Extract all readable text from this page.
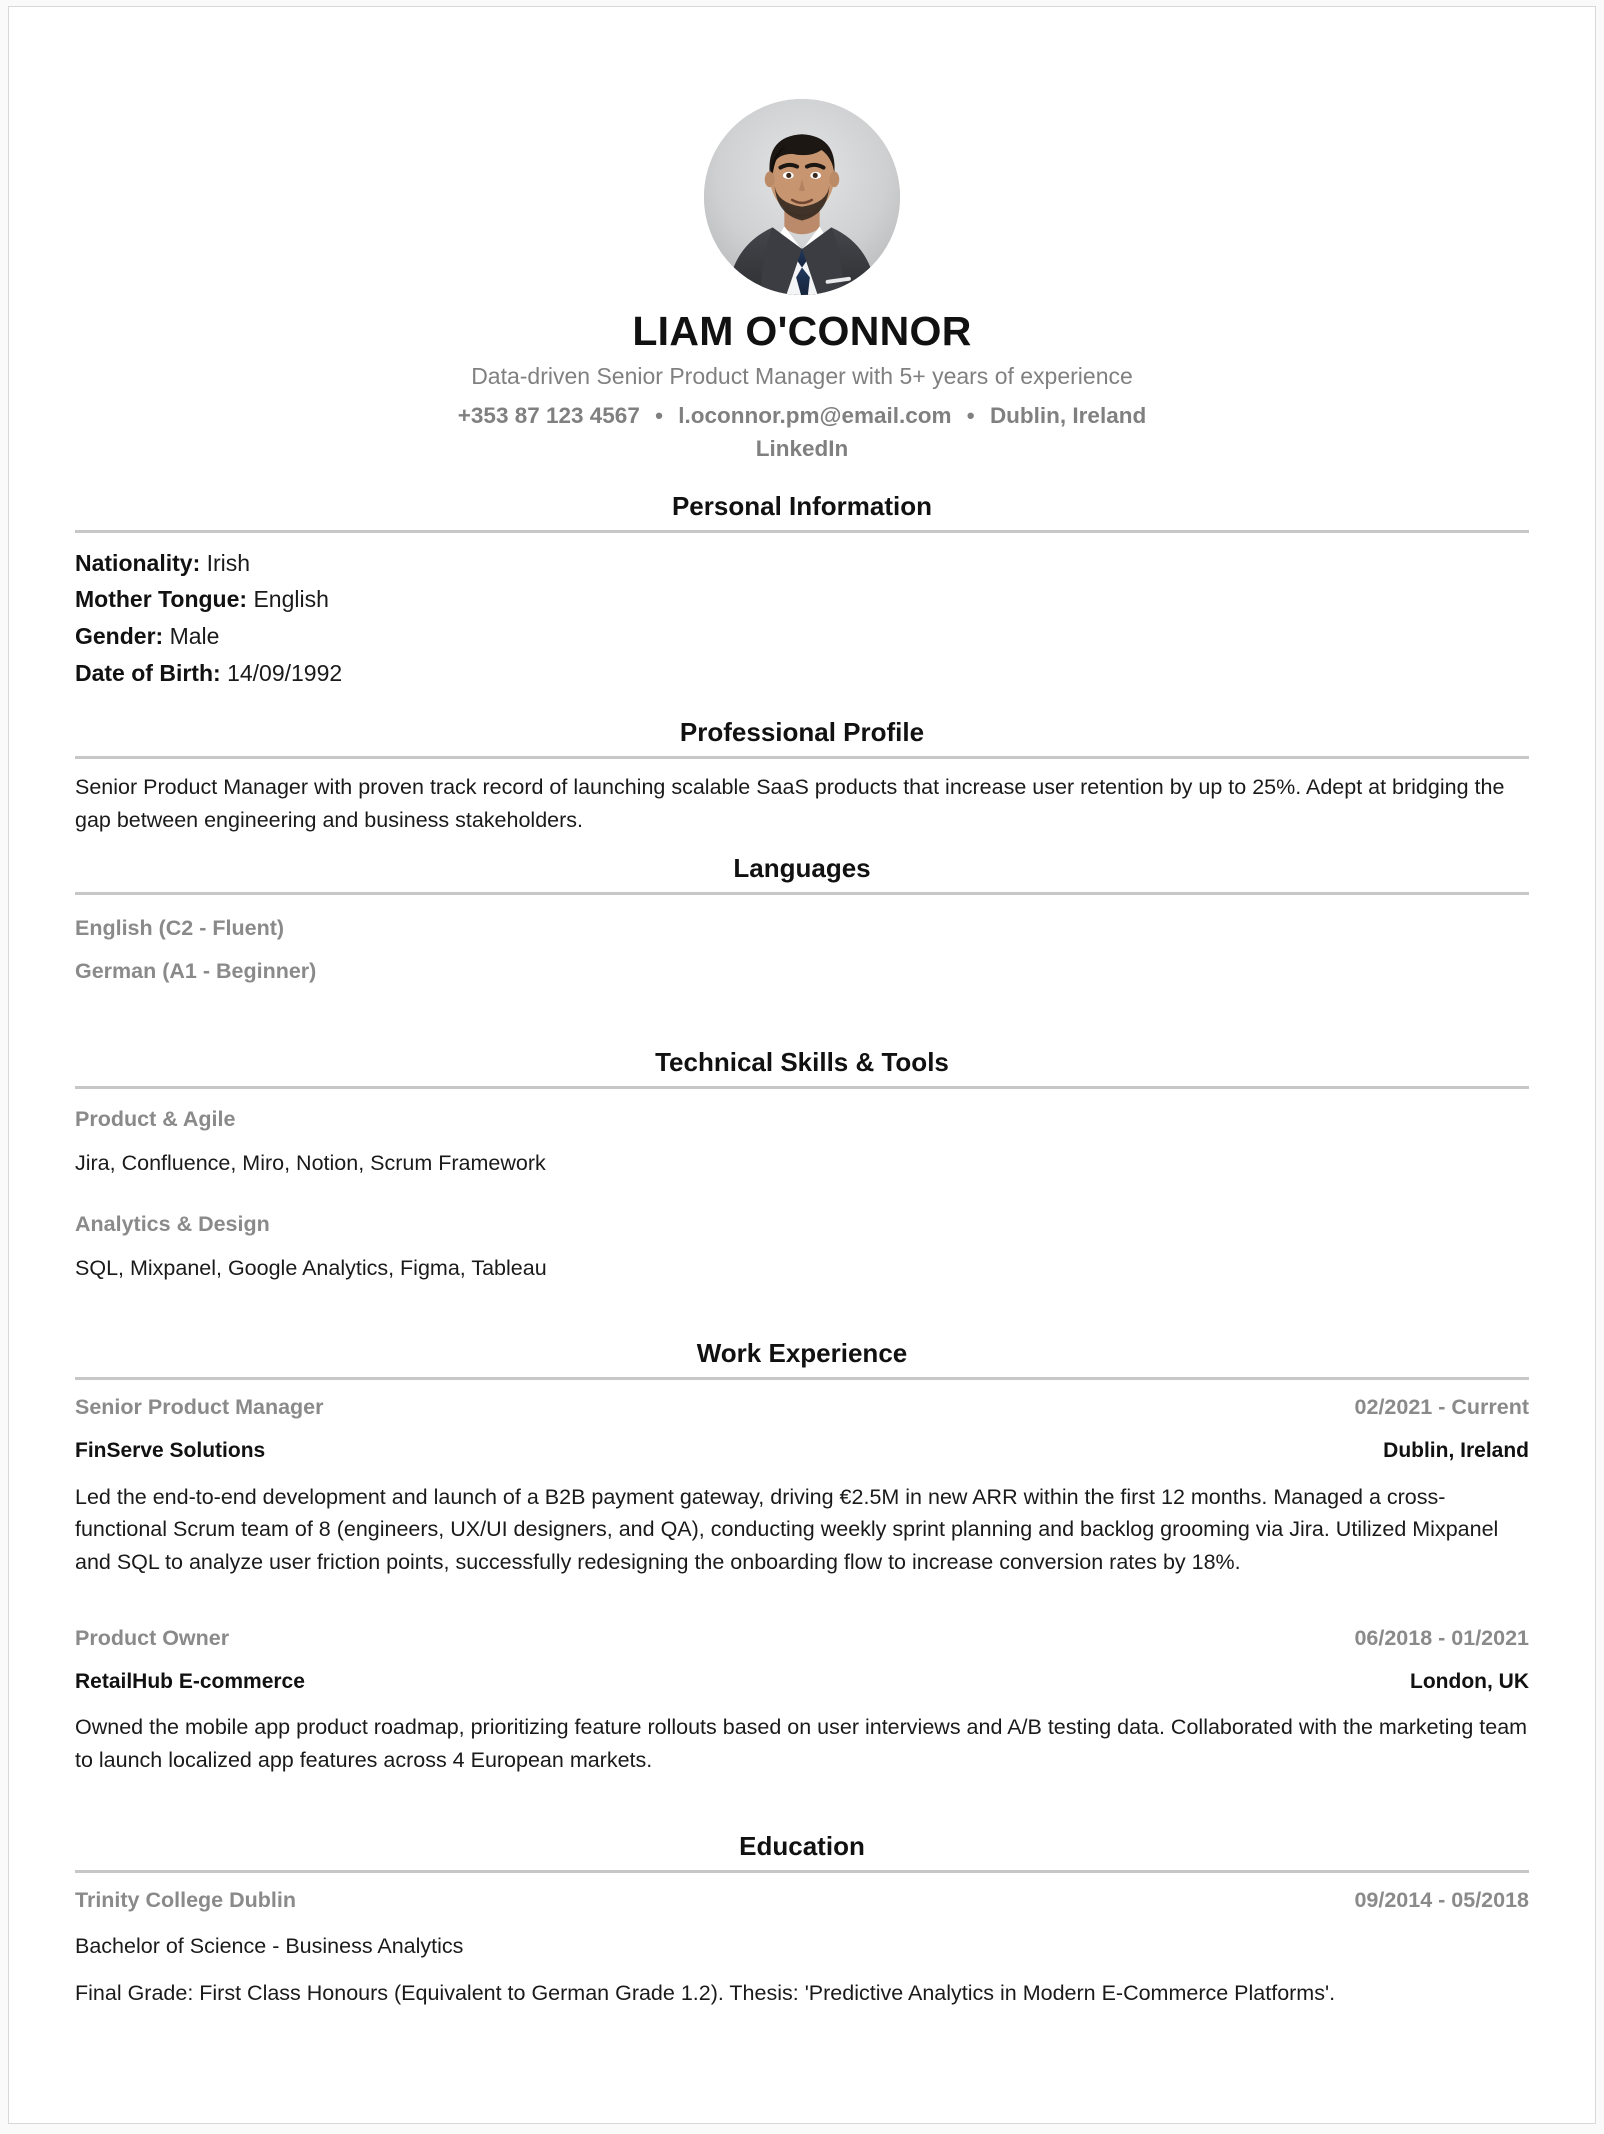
LIAM O'CONNOR
Data-driven Senior Product Manager with 5+ years of experience
+353 87 123 4567 • l.oconnor.pm@email.com • Dublin, Ireland
LinkedIn
Personal Information
Nationality: Irish
Mother Tongue: English
Gender: Male
Date of Birth: 14/09/1992
Professional Profile
Senior Product Manager with proven track record of launching scalable SaaS products that increase user retention by up to 25%. Adept at bridging the gap between engineering and business stakeholders.
Languages
English (C2 - Fluent)
German (A1 - Beginner)
Technical Skills & Tools
Product & Agile
Jira, Confluence, Miro, Notion, Scrum Framework
Analytics & Design
SQL, Mixpanel, Google Analytics, Figma, Tableau
Work Experience
Senior Product Manager	02/2021 - Current
FinServe Solutions	Dublin, Ireland
Led the end-to-end development and launch of a B2B payment gateway, driving €2.5M in new ARR within the first 12 months. Managed a cross-functional Scrum team of 8 (engineers, UX/UI designers, and QA), conducting weekly sprint planning and backlog grooming via Jira. Utilized Mixpanel and SQL to analyze user friction points, successfully redesigning the onboarding flow to increase conversion rates by 18%.
Product Owner	06/2018 - 01/2021
RetailHub E-commerce	London, UK
Owned the mobile app product roadmap, prioritizing feature rollouts based on user interviews and A/B testing data. Collaborated with the marketing team to launch localized app features across 4 European markets.
Education
Trinity College Dublin	09/2014 - 05/2018
Bachelor of Science - Business Analytics
Final Grade: First Class Honours (Equivalent to German Grade 1.2). Thesis: 'Predictive Analytics in Modern E-Commerce Platforms'.
